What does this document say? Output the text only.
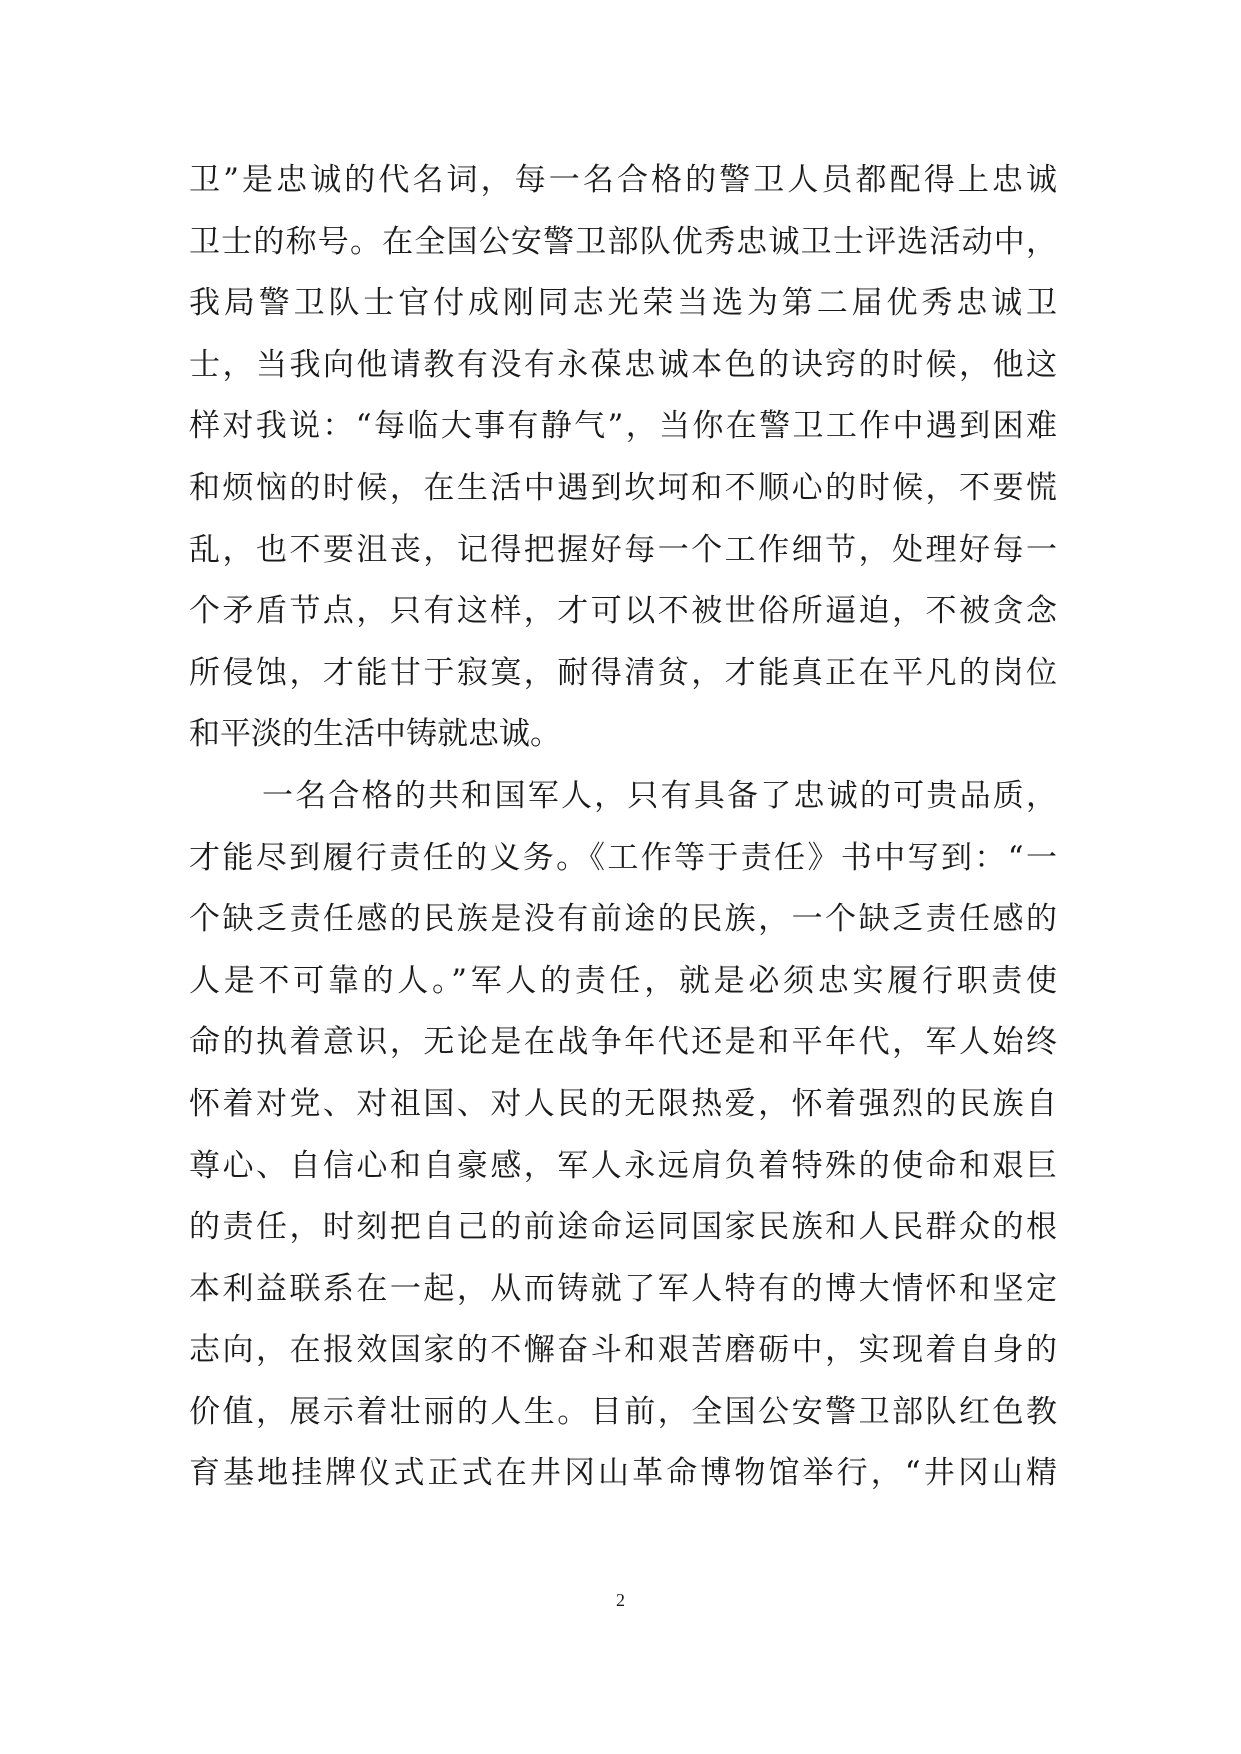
卫”是忠诚的代名词，每一名合格的警卫人员都配得上忠诚
卫士的称号。在全国公安警卫部队优秀忠诚卫士评选活动中，
我局警卫队士官付成刚同志光荣当选为第二届优秀忠诚卫
士，当我向他请教有没有永葆忠诚本色的诀窍的时候，他这
样对我说：“每临大事有静气”，当你在警卫工作中遇到困难
和烦恼的时候，在生活中遇到坎坷和不顺心的时候，不要慌
乱，也不要沮丧，记得把握好每一个工作细节，处理好每一
个矛盾节点，只有这样，才可以不被世俗所逼迫，不被贪念
所侵蚀，才能甘于寂寞，耐得清贫，才能真正在平凡的岗位
和平淡的生活中铸就忠诚。
一名合格的共和国军人，只有具备了忠诚的可贵品质，
才能尽到履行责任的义务。《工作等于责任》书中写到：“一
个缺乏责任感的民族是没有前途的民族，一个缺乏责任感的
人是不可靠的人。”军人的责任，就是必须忠实履行职责使
命的执着意识，无论是在战争年代还是和平年代，军人始终
怀着对党、对祖国、对人民的无限热爱，怀着强烈的民族自
尊心、自信心和自豪感，军人永远肩负着特殊的使命和艰巨
的责任，时刻把自己的前途命运同国家民族和人民群众的根
本利益联系在一起，从而铸就了军人特有的博大情怀和坚定
志向，在报效国家的不懈奋斗和艰苦磨砺中，实现着自身的
价值，展示着壮丽的人生。目前，全国公安警卫部队红色教
育基地挂牌仪式正式在井冈山革命博物馆举行，“井冈山精
2
